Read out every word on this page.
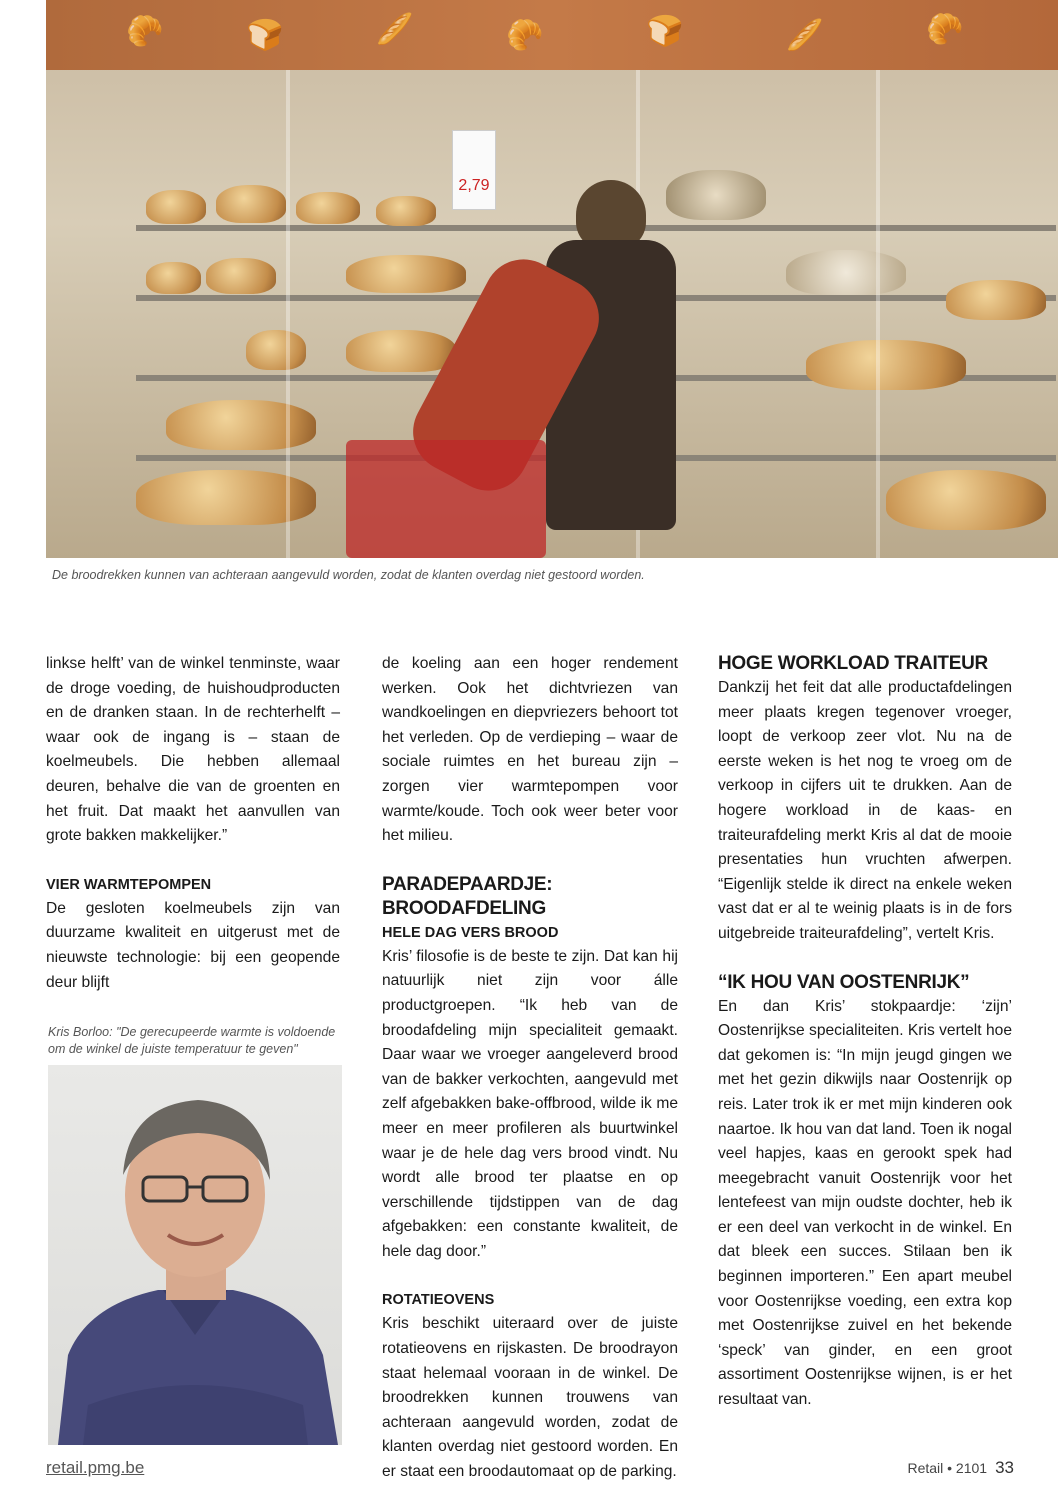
🥐	🍞	🥖	🥐	🍞	🥖	🥐
2,79
De broodrekken kunnen van achteraan aangevuld worden, zodat de klanten overdag niet gestoord worden.

linkse helft’ van de winkel tenminste, waar de droge voeding, de huishoudproducten en de dranken staan. In de rechterhelft – waar ook de ingang is – staan de koelmeubels. Die hebben allemaal deuren, behalve die van de groenten en het fruit. Dat maakt het aanvullen van grote bakken makkelijker.”

VIER WARMTEPOMPEN

De gesloten koelmeubels zijn van duurzame kwaliteit en uitgerust met de nieuwste technologie: bij een geopende deur blijft

Kris Borloo: "De gerecupeerde warmte is voldoende om de winkel de juiste temperatuur te geven"

de koeling aan een hoger rendement werken. Ook het dichtvriezen van wandkoelingen en diepvriezers behoort tot het verleden. Op de verdieping – waar de sociale ruimtes en het bureau zijn – zorgen vier warmtepompen voor warmte/koude. Toch ook weer beter voor het milieu.

PARADEPAARDJE: BROODAFDELING
HELE DAG VERS BROOD

Kris’ filosofie is de beste te zijn. Dat kan hij natuurlijk niet zijn voor álle productgroepen. “Ik heb van de broodafdeling mijn specialiteit gemaakt. Daar waar we vroeger aangeleverd brood van de bakker verkochten, aangevuld met zelf afgebakken bake-offbrood, wilde ik me meer en meer profileren als buurtwinkel waar je de hele dag vers brood vindt. Nu wordt alle brood ter plaatse en op verschillende tijdstippen van de dag afgebakken: een constante kwaliteit, de hele dag door.”

ROTATIEOVENS

Kris beschikt uiteraard over de juiste rotatieovens en rijskasten. De broodrayon staat helemaal vooraan in de winkel. De broodrekken kunnen trouwens van achteraan aangevuld worden, zodat de klanten overdag niet gestoord worden. En er staat een broodautomaat op de parking.

HOGE WORKLOAD TRAITEUR

Dankzij het feit dat alle productafdelingen meer plaats kregen tegenover vroeger, loopt de verkoop zeer vlot. Nu na de eerste weken is het nog te vroeg om de verkoop in cijfers uit te drukken. Aan de hogere workload in de kaas- en traiteurafdeling merkt Kris al dat de mooie presentaties hun vruchten afwerpen. “Eigenlijk stelde ik direct na enkele weken vast dat er al te weinig plaats is in de fors uitgebreide traiteurafdeling”, vertelt Kris.

“IK HOU VAN OOSTENRIJK”

En dan Kris’ stokpaardje: ‘zijn’ Oostenrijkse specialiteiten. Kris vertelt hoe dat gekomen is: “In mijn jeugd gingen we met het gezin dikwijls naar Oostenrijk op reis. Later trok ik er met mijn kinderen ook naartoe. Ik hou van dat land. Toen ik nogal veel hapjes, kaas en gerookt spek had meegebracht vanuit Oostenrijk voor het lentefeest van mijn oudste dochter, heb ik er een deel van verkocht in de winkel. En dat bleek een succes. Stilaan ben ik beginnen importeren.” Een apart meubel voor Oostenrijkse voeding, een extra kop met Oostenrijkse zuivel en het bekende ‘speck’ van ginder, en een groot assortiment Oostenrijkse wijnen, is er het resultaat van.

retail.pmg.be	Retail • 2101 33
